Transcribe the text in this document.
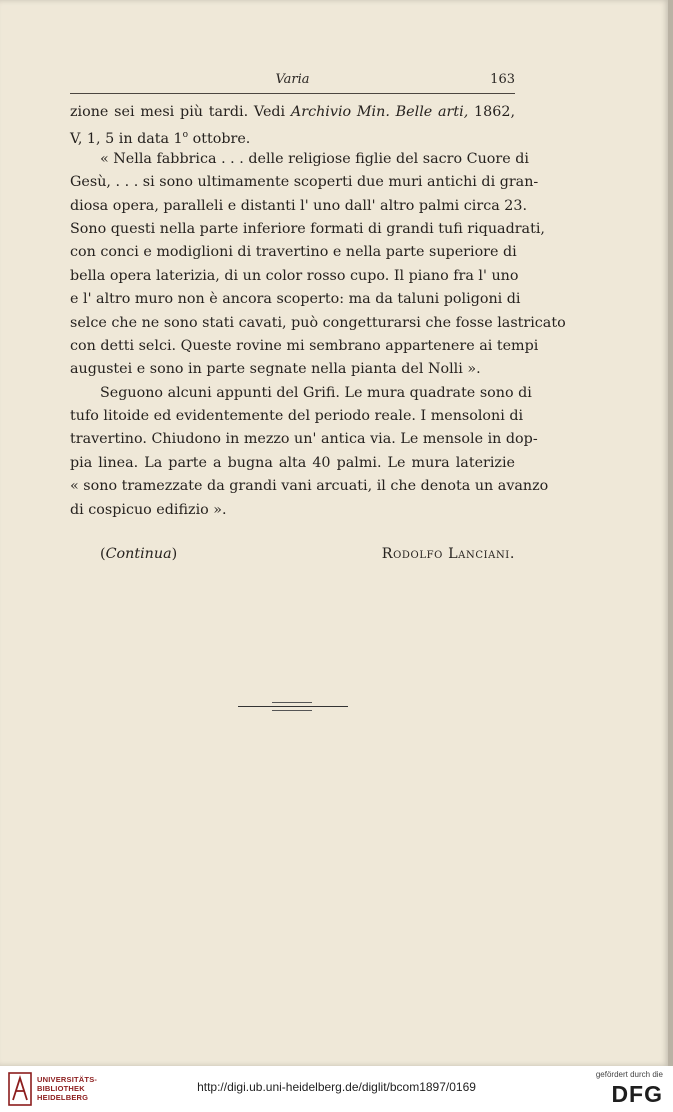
Varia	163
zione sei mesi più tardi. Vedi Archivio Min. Belle arti, 1862,
V, 1, 5 in data 1$^o$ ottobre.
« Nella fabbrica . . . delle religiose figlie del sacro Cuore di
Gesù, . . . si sono ultimamente scoperti due muri antichi di gran-
diosa opera, paralleli e distanti l' uno dall' altro palmi circa 23.
Sono questi nella parte inferiore formati di grandi tufi riquadrati,
con conci e modiglioni di travertino e nella parte superiore di
bella opera laterizia, di un color rosso cupo. Il piano fra l' uno
e l' altro muro non è ancora scoperto: ma da taluni poligoni di
selce che ne sono stati cavati, può congetturarsi che fosse lastricato
con detti selci. Queste rovine mi sembrano appartenere ai tempi
augustei e sono in parte segnate nella pianta del Nolli ».
Seguono alcuni appunti del Grifi. Le mura quadrate sono di
tufo litoide ed evidentemente del periodo reale. I mensoloni di
travertino. Chiudono in mezzo un' antica via. Le mensole in dop-
pia linea. La parte a bugna alta 40 palmi. Le mura laterizie
« sono tramezzate da grandi vani arcuati, il che denota un avanzo
di cospicuo edifizio ».
(Continua)	Rodolfo Lanciani.
UNIVERSITÄTS-
BIBLIOTHEK
HEIDELBERG
http://digi.ub.uni-heidelberg.de/diglit/bcom1897/0169
gefördert durch die
DFG
